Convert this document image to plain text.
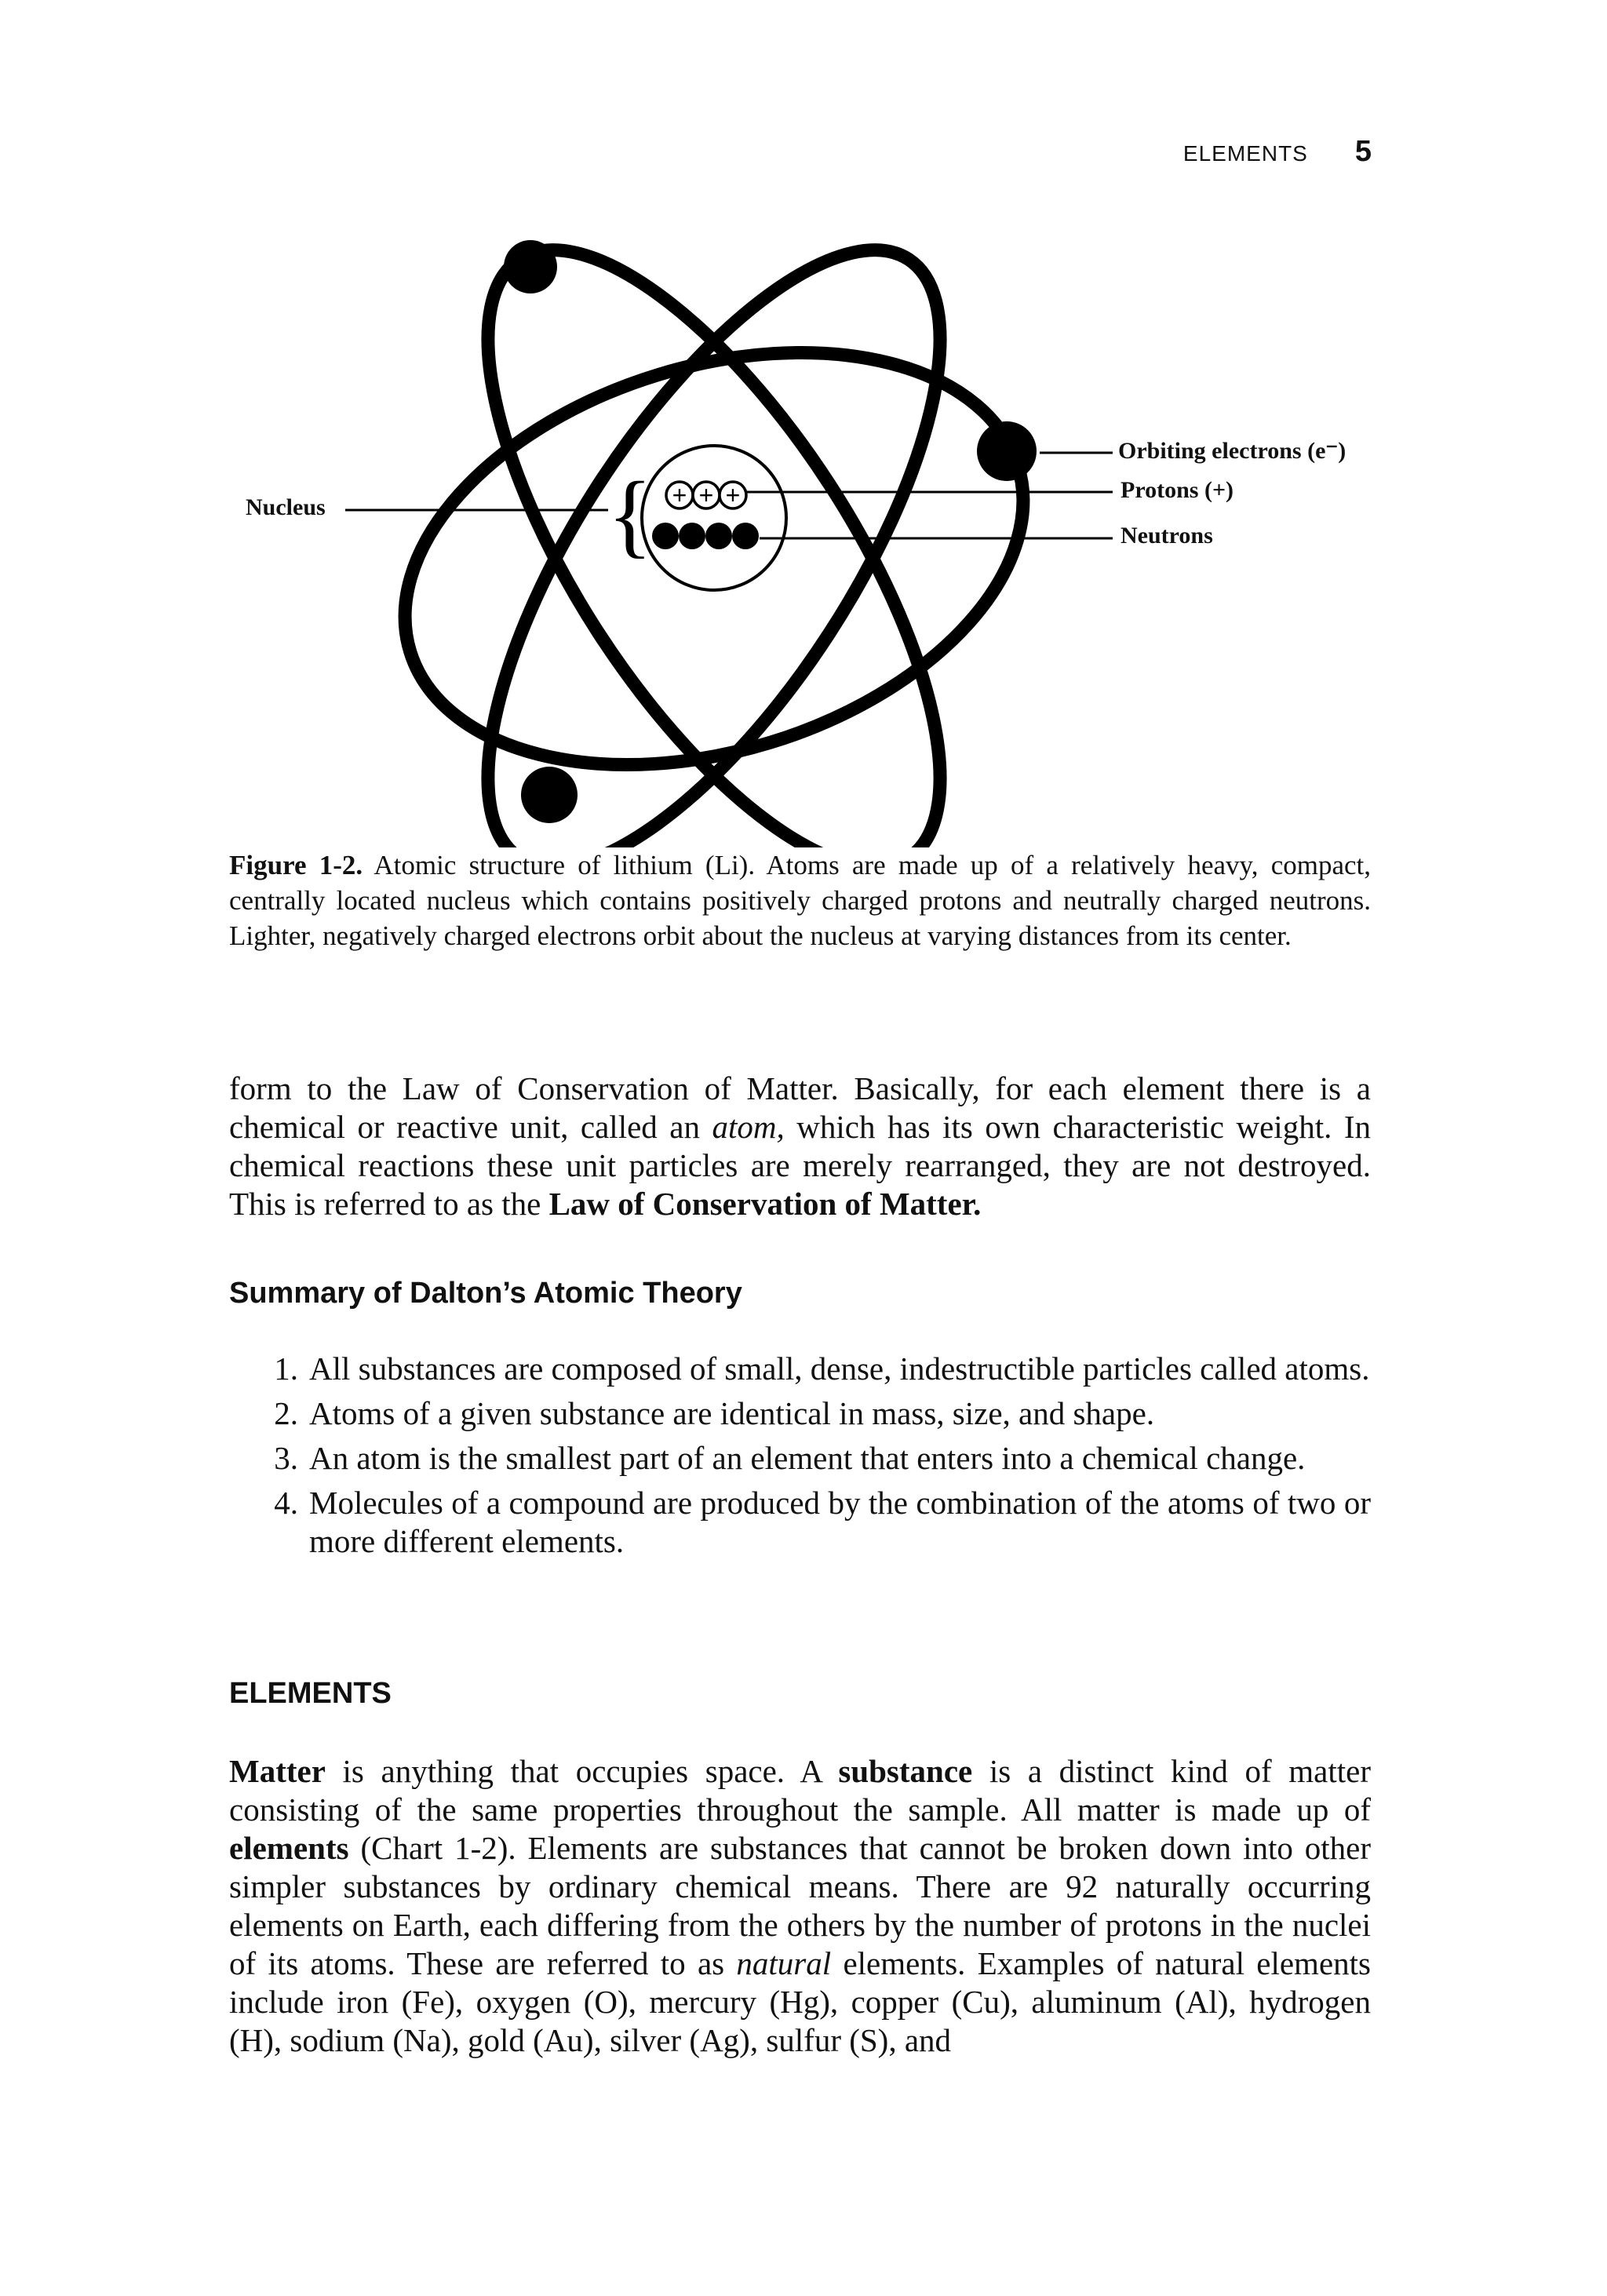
ELEMENTS 5
+ + +
{
Nucleus
Orbiting electrons (e⁻)
Protons (+)
Neutrons
Figure 1-2. Atomic structure of lithium (Li). Atoms are made up of a relatively heavy, compact, centrally located nucleus which contains positively charged protons and neutrally charged neutrons. Lighter, negatively charged electrons orbit about the nucleus at varying distances from its center.

form to the Law of Conservation of Matter. Basically, for each element there is a chemical or reactive unit, called an atom, which has its own characteristic weight. In chemical reactions these unit particles are merely rearranged, they are not destroyed. This is referred to as the Law of Conservation of Matter.

Summary of Dalton’s Atomic Theory
1. All substances are composed of small, dense, indestructible particles called atoms.
2. Atoms of a given substance are identical in mass, size, and shape.
3. An atom is the smallest part of an element that enters into a chemical change.
4. Molecules of a compound are produced by the combination of the atoms of two or more different elements.
ELEMENTS

Matter is anything that occupies space. A substance is a distinct kind of matter consisting of the same properties throughout the sample. All matter is made up of elements (Chart 1-2). Elements are substances that cannot be broken down into other simpler substances by ordinary chemical means. There are 92 naturally occurring elements on Earth, each differing from the others by the number of protons in the nuclei of its atoms. These are referred to as natural elements. Examples of natural elements include iron (Fe), oxygen (O), mercury (Hg), copper (Cu), aluminum (Al), hydrogen (H), sodium (Na), gold (Au), silver (Ag), sulfur (S), and
